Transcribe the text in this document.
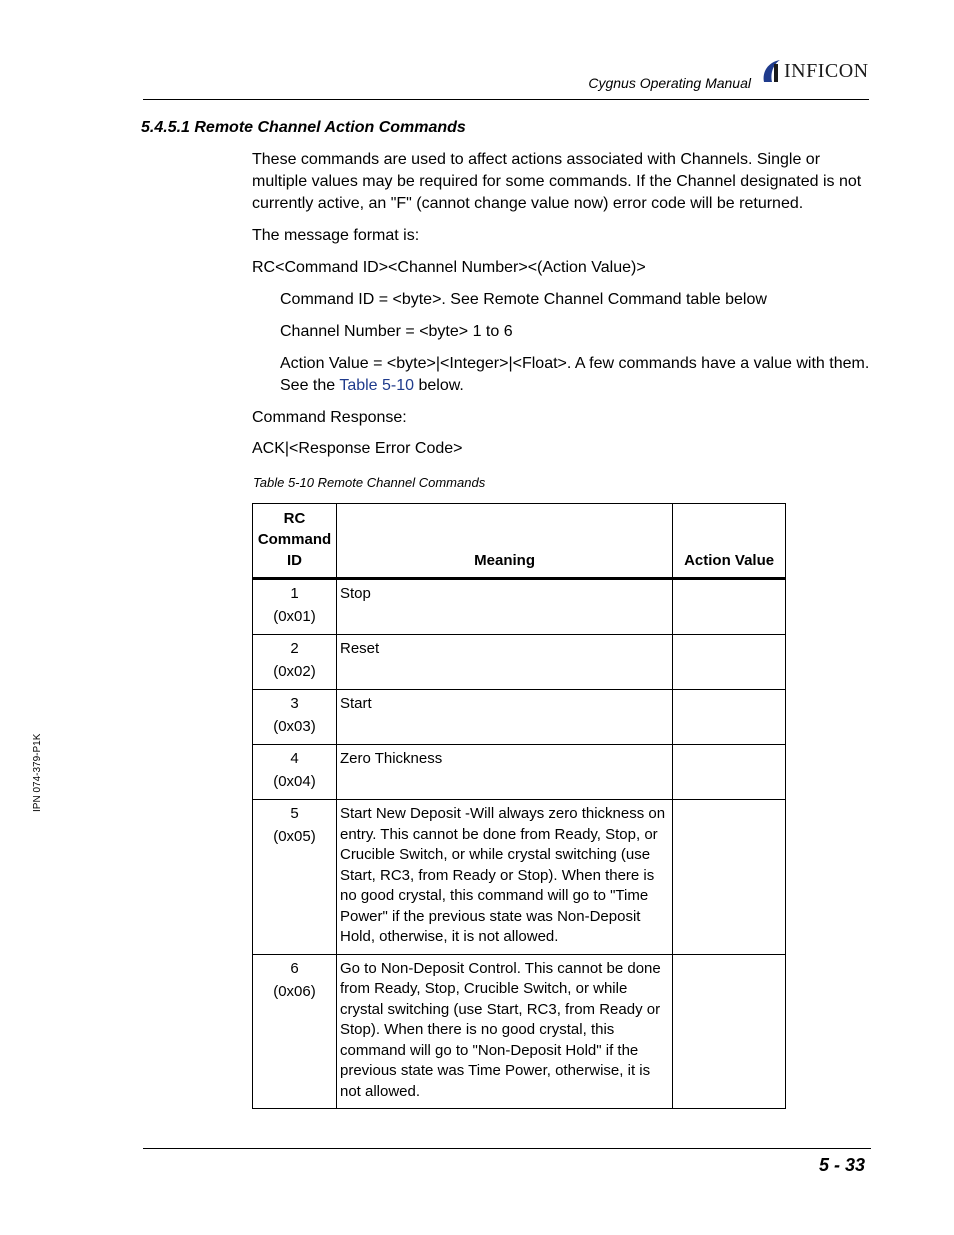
Cygnus Operating Manual
INFICON
5.4.5.1 Remote Channel Action Commands

These commands are used to affect actions associated with Channels. Single or multiple values may be required for some commands. If the Channel designated is not currently active, an "F" (cannot change value now) error code will be returned.

The message format is:

RC<Command ID><Channel Number><(Action Value)>

Command ID = <byte>. See Remote Channel Command table below

Channel Number = <byte> 1 to 6

Action Value = <byte>|<Integer>|<Float>. A few commands have a value with them. See the Table 5-10 below.

Command Response:

ACK|<Response Error Code>

Table 5-10 Remote Channel Commands
RC
Command
ID	Meaning	Action Value

1
(0x01)	Stop	

2
(0x02)	Reset	

3
(0x03)	Start	

4
(0x04)	Zero Thickness	

5
(0x05)	Start New Deposit -Will always zero thickness on entry. This cannot be done from Ready, Stop, or Crucible Switch, or while crystal switching (use Start, RC3, from Ready or Stop). When there is no good crystal, this command will go to "Time Power" if the previous state was Non-Deposit Hold, otherwise, it is not allowed.	

6
(0x06)	Go to Non-Deposit Control. This cannot be done from Ready, Stop, Crucible Switch, or while crystal switching (use Start, RC3, from Ready or Stop). When there is no good crystal, this command will go to "Non-Deposit Hold" if the previous state was Time Power, otherwise, it is not allowed.	
5 - 33
IPN 074-379-P1K
